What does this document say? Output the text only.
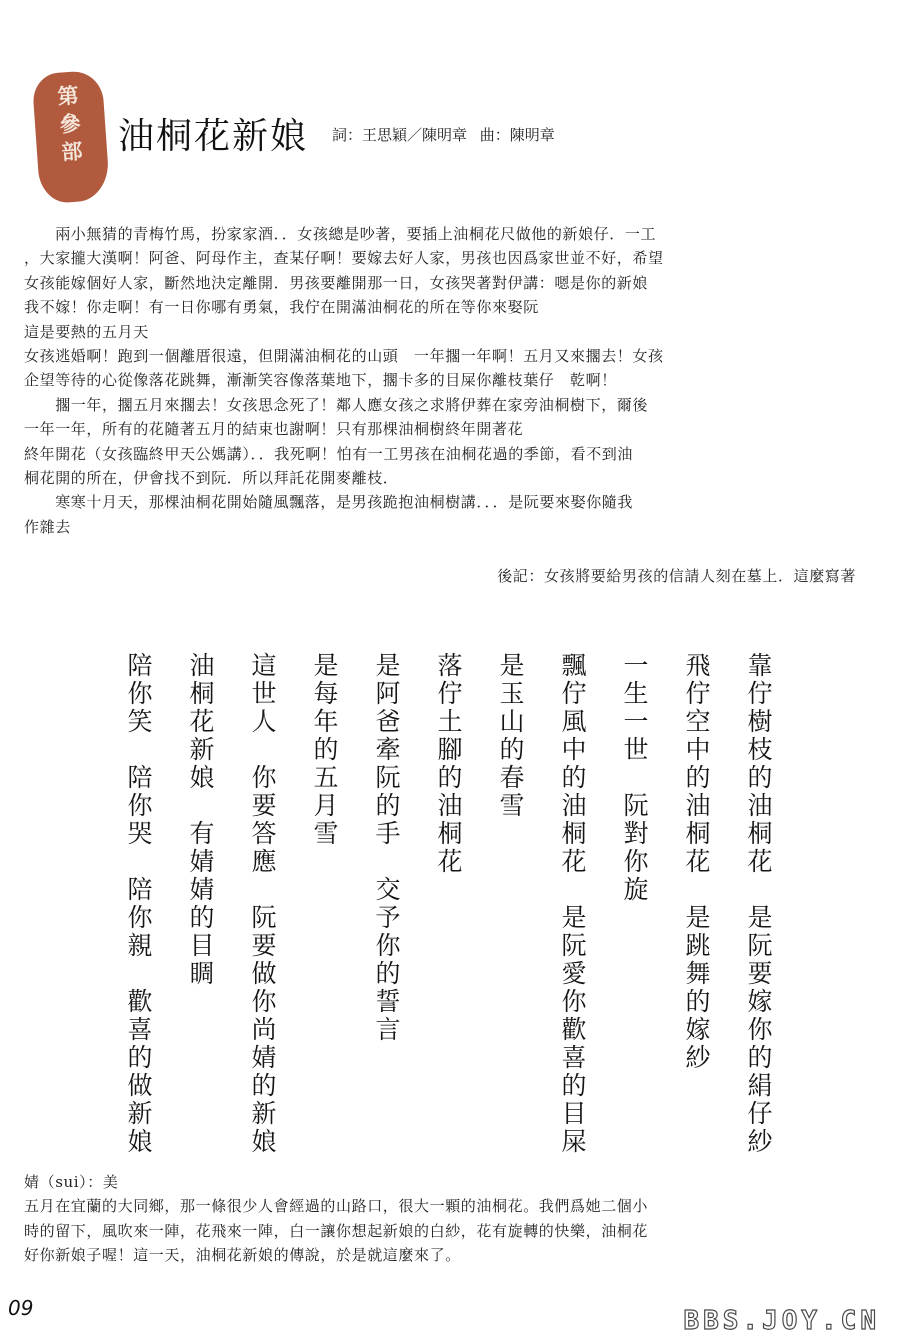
第
參
部 油桐花新娘 詞：王思穎／陳明章 曲：陳明章
　　兩小無猜的青梅竹馬，扮家家酒．．女孩總是吵著，要插上油桐花尺做他的新娘仔．一工
，大家攏大漢啊！阿爸、阿母作主，查某仔啊！要嫁去好人家，男孩也因爲家世並不好，希望
女孩能嫁個好人家，斷然地決定離開．男孩要離開那一日，女孩哭著對伊講：嗯是你的新娘
我不嫁！你走啊！有一日你哪有勇氣，我佇在開滿油桐花的所在等你來娶阮
這是要熱的五月天
女孩逃婚啊！跑到一個離厝很遠，但開滿油桐花的山頭　一年擱一年啊！五月又來擱去！女孩
企望等待的心從像落花跳舞，漸漸笑容像落葉地下，擱卡多的目屎你離枝葉仔　乾啊！
　　擱一年，擱五月來擱去！女孩思念死了！鄰人應女孩之求將伊葬在家旁油桐樹下，爾後
一年一年，所有的花隨著五月的結束也謝啊！只有那棵油桐樹終年開著花
終年開花（女孩臨終甲天公媽講）．．我死啊！怕有一工男孩在油桐花過的季節，看不到油
桐花開的所在，伊會找不到阮．所以拜託花開麥離枝．
　　寒寒十月天，那棵油桐花開始隨風飄落，是男孩跪抱油桐樹講．．．是阮要來娶你隨我
作雜去
後記：女孩將要給男孩的信請人刻在墓上．這麼寫著
靠佇樹枝的油桐花　是阮要嫁你的絹仔紗
飛佇空中的油桐花　是跳舞的嫁紗
一生一世　阮對你旋
飄佇風中的油桐花　是阮愛你歡喜的目屎
是玉山的春雪
落佇土腳的油桐花
是阿爸牽阮的手　交予你的誓言
是每年的五月雪
這世人　你要答應　阮要做你尚婧的新娘
油桐花新娘　有婧婧的目睭
陪你笑　陪你哭　陪你親　歡喜的做新娘
婧（sui）：美
五月在宜蘭的大同鄉，那一條很少人會經過的山路口，很大一顆的油桐花。我們爲她二個小
時的留下，風吹來一陣，花飛來一陣，白一讓你想起新娘的白紗，花有旋轉的快樂，油桐花
好你新娘子喔！這一天，油桐花新娘的傳說，於是就這麼來了。
09	BBS.JOY.CN
